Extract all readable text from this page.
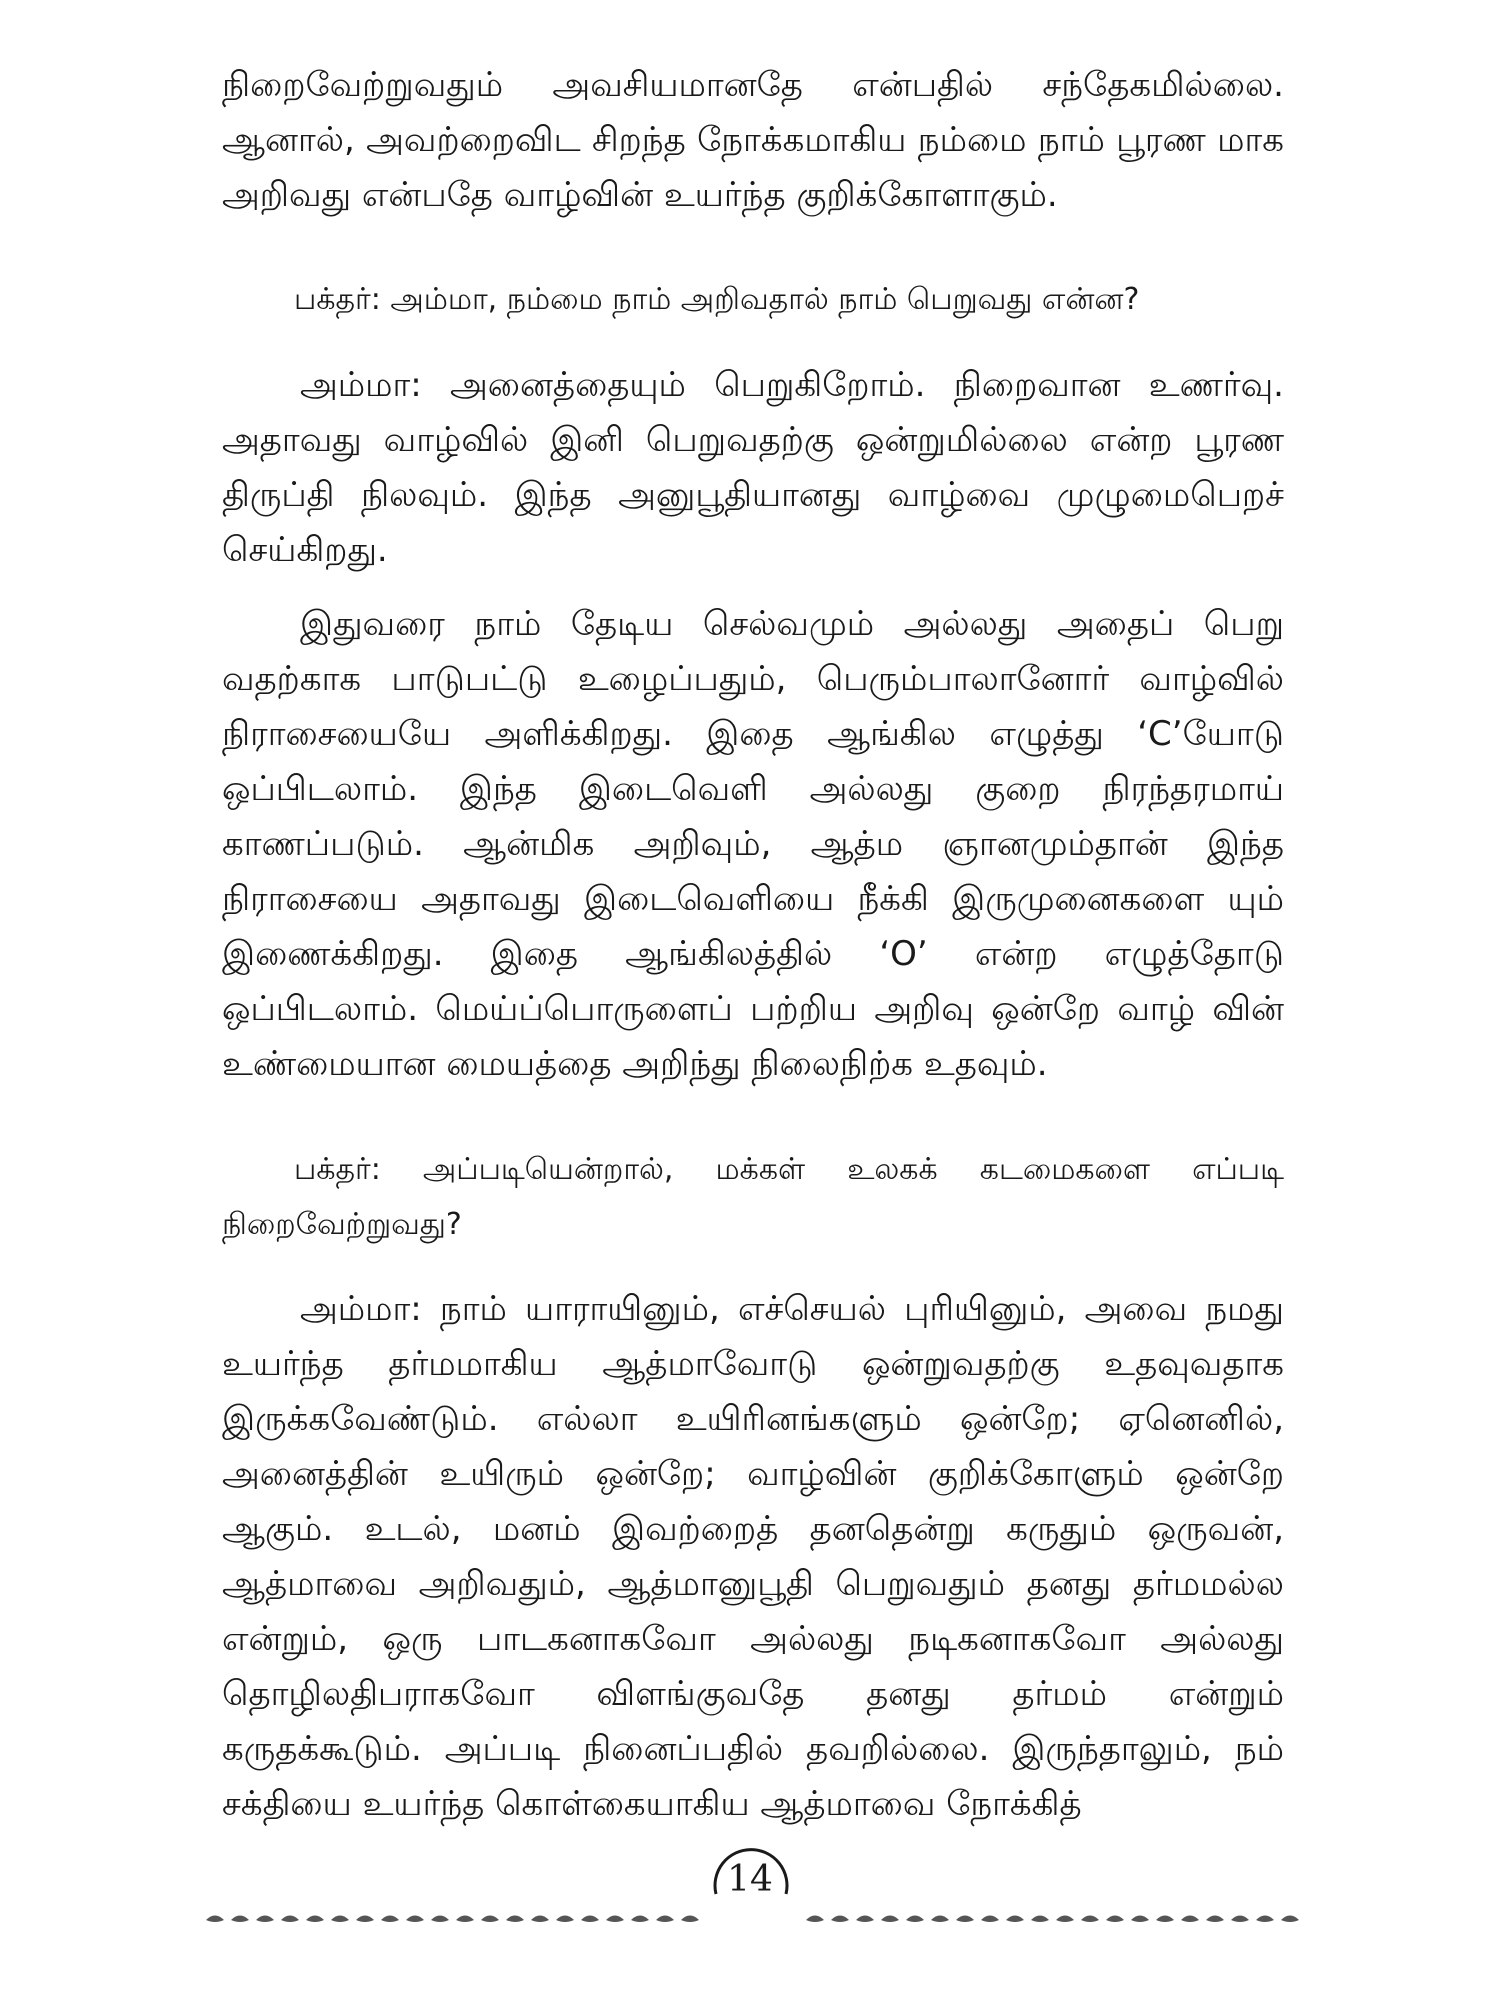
நிறைவேற்றுவதும் அவசியமானதே என்பதில் சந்தேகமில்லை. ஆனால், அவற்றைவிட சிறந்த நோக்கமாகிய நம்மை நாம் பூரண மாக அறிவது என்பதே வாழ்வின் உயர்ந்த குறிக்கோளாகும்.

பக்தர்: அம்மா, நம்மை நாம் அறிவதால் நாம் பெறுவது என்ன?

அம்மா: அனைத்தையும் பெறுகிறோம். நிறைவான உணர்வு. அதாவது வாழ்வில் இனி பெறுவதற்கு ஒன்றுமில்லை என்ற பூரண திருப்தி நிலவும். இந்த அனுபூதியானது வாழ்வை முழுமைபெறச் செய்கிறது.

இதுவரை நாம் தேடிய செல்வமும் அல்லது அதைப் பெறு வதற்காக பாடுபட்டு உழைப்பதும், பெரும்பாலானோர் வாழ்வில் நிராசையையே அளிக்கிறது. இதை ஆங்கில எழுத்து ‘C’யோடு ஒப்பிடலாம். இந்த இடைவெளி அல்லது குறை நிரந்தரமாய் காணப்படும். ஆன்மிக அறிவும், ஆத்ம ஞானமும்தான் இந்த நிராசையை அதாவது இடைவெளியை நீக்கி இருமுனைகளை யும் இணைக்கிறது. இதை ஆங்கிலத்தில் ‘O’ என்ற எழுத்தோடு ஒப்பிடலாம். மெய்ப்பொருளைப் பற்றிய அறிவு ஒன்றே வாழ் வின் உண்மையான மையத்தை அறிந்து நிலைநிற்க உதவும்.

பக்தர்: அப்படியென்றால், மக்கள் உலகக் கடமைகளை எப்படி நிறைவேற்றுவது?

அம்மா: நாம் யாராயினும், எச்செயல் புரியினும், அவை நமது உயர்ந்த தர்மமாகிய ஆத்மாவோடு ஒன்றுவதற்கு உதவுவதாக இருக்கவேண்டும். எல்லா உயிரினங்களும் ஒன்றே; ஏனெனில், அனைத்தின் உயிரும் ஒன்றே; வாழ்வின் குறிக்கோளும் ஒன்றே ஆகும். உடல், மனம் இவற்றைத் தனதென்று கருதும் ஒருவன், ஆத்மாவை அறிவதும், ஆத்மானுபூதி பெறுவதும் தனது தர்மமல்ல என்றும், ஒரு பாடகனாகவோ அல்லது நடிகனாகவோ அல்லது தொழிலதிபராகவோ விளங்குவதே தனது தர்மம் என்றும் கருதக்கூடும். அப்படி நினைப்பதில் தவறில்லை. இருந்தாலும், நம் சக்தியை உயர்ந்த கொள்கையாகிய ஆத்மாவை நோக்கித்

14
